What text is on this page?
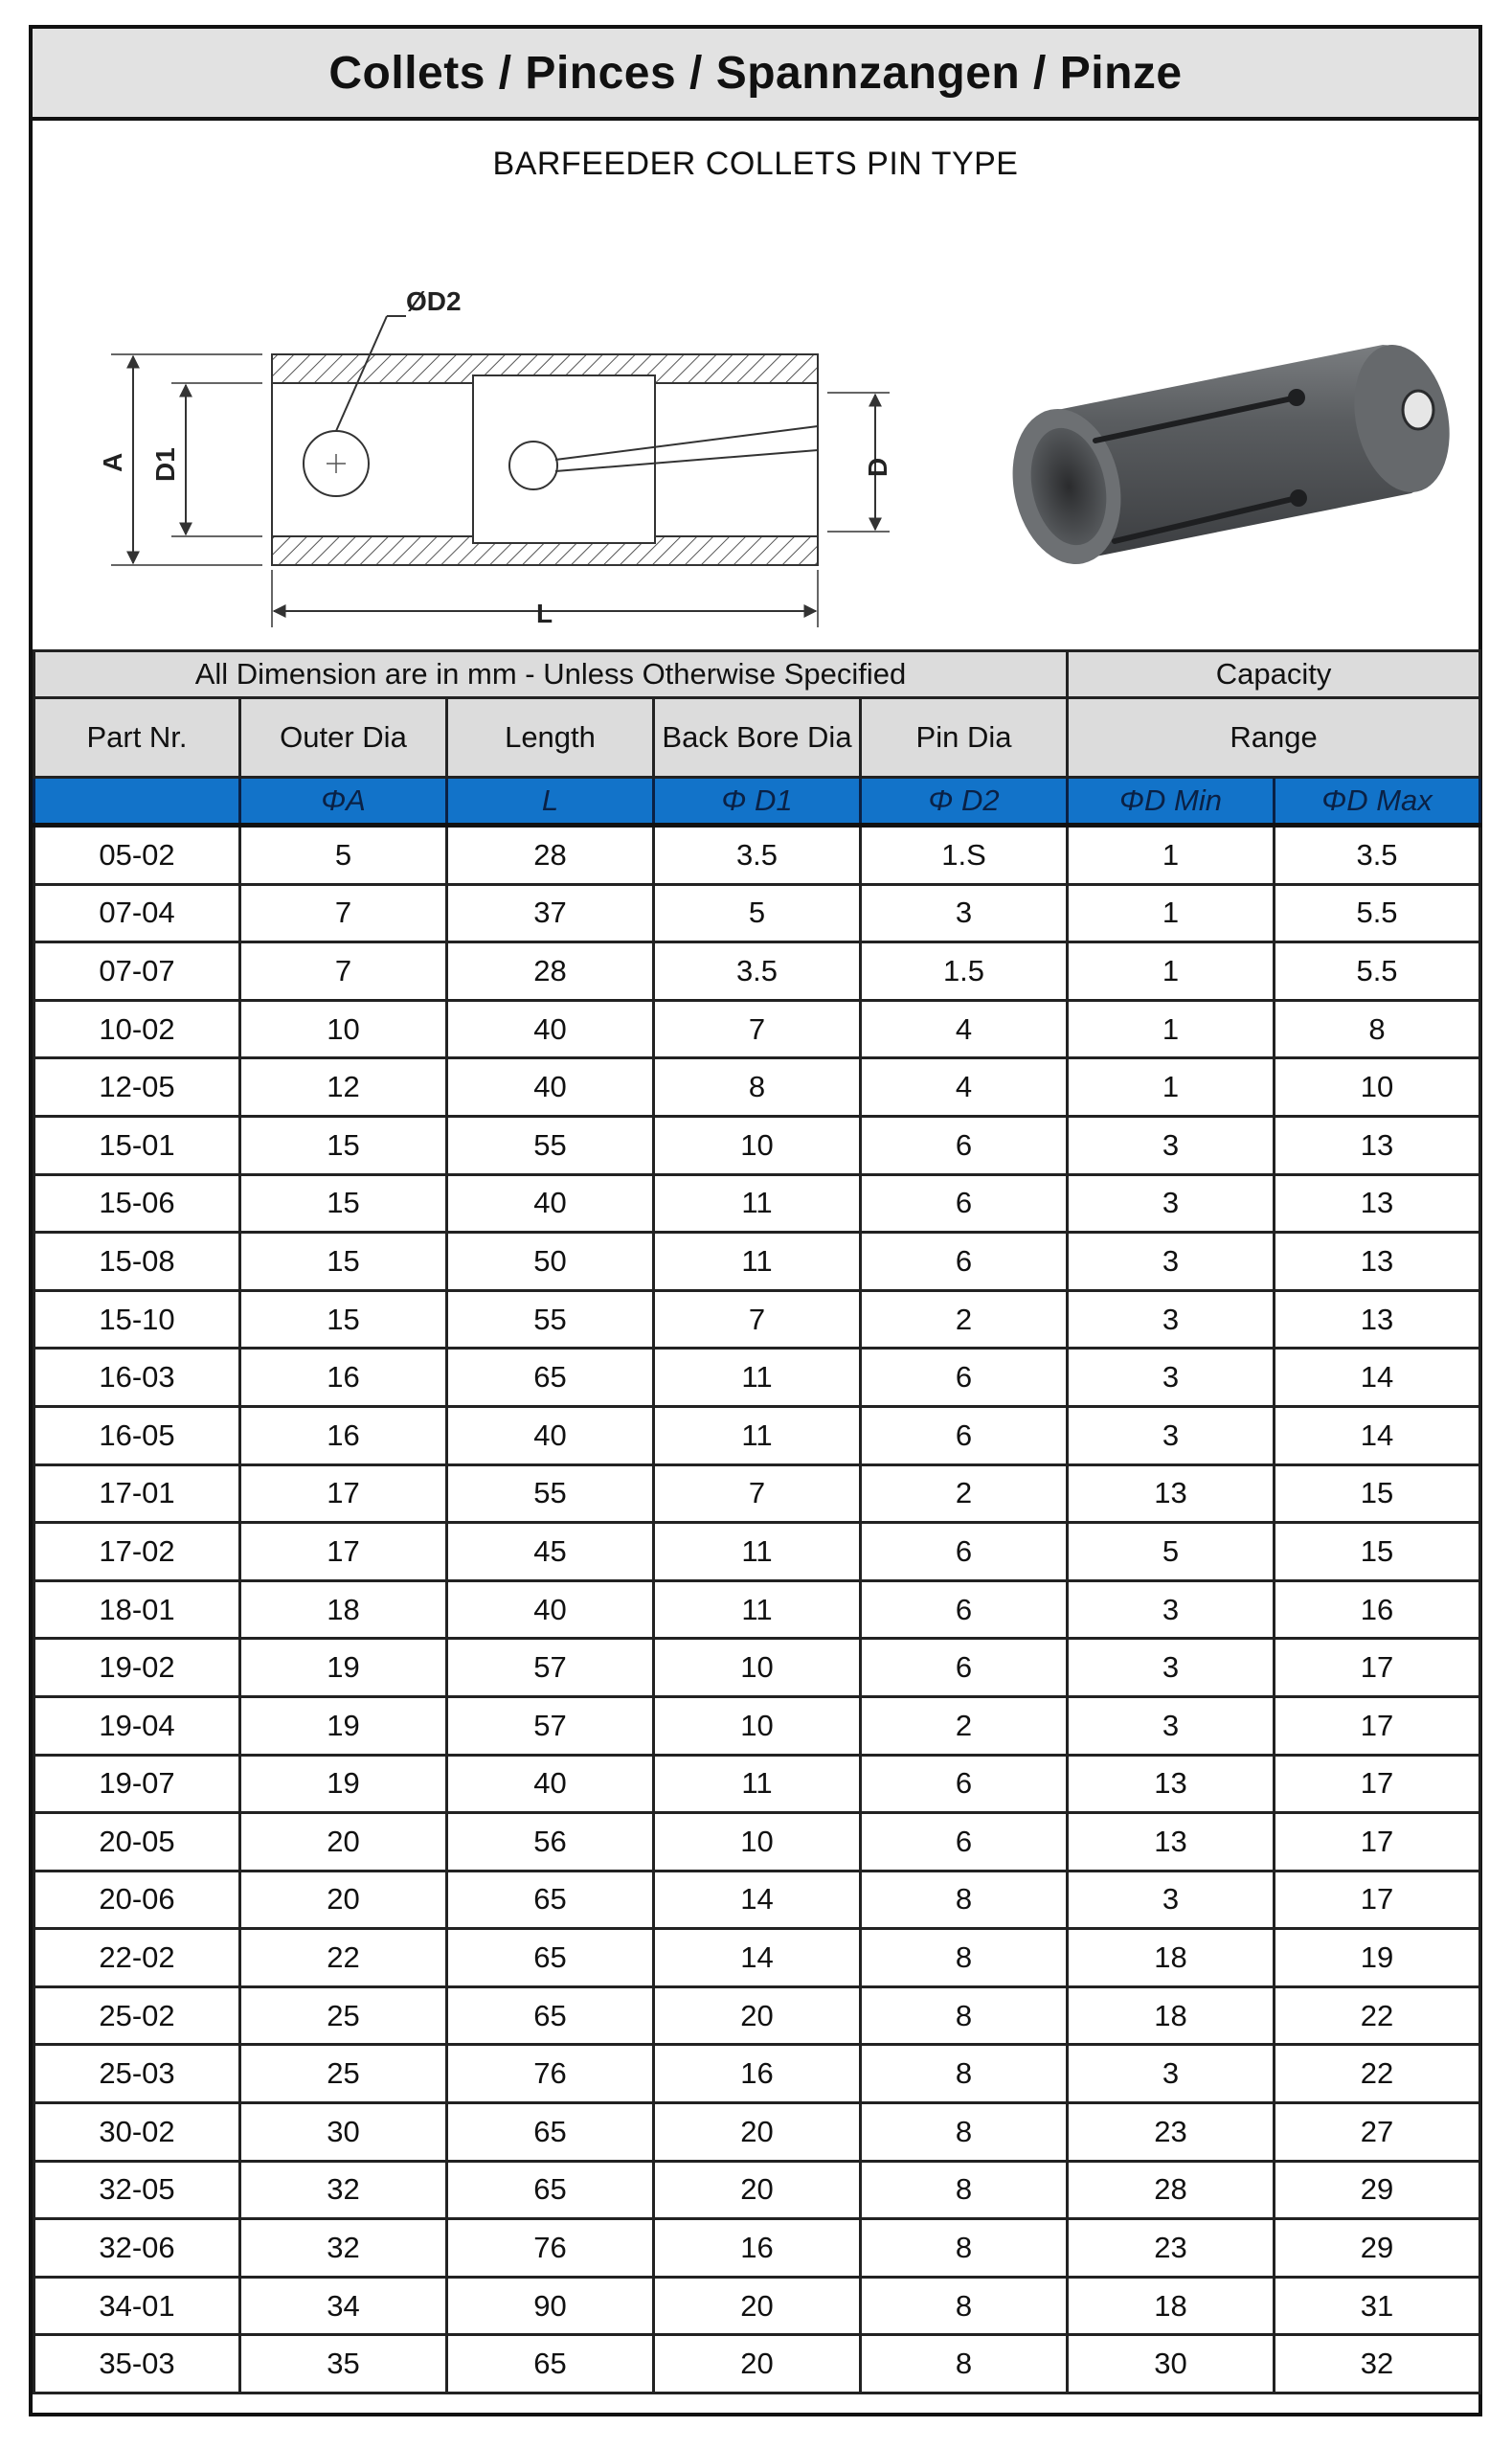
Collets / Pinces / Spannzangen / Pinze
BARFEEDER COLLETS PIN TYPE
ØD2
A D1	D
L
All Dimension are in mm - Unless Otherwise Specified					Capacity	
Part Nr.	Outer Dia	Length	Back Bore Dia	Pin Dia	Range	
	ΦA	L	Φ D1	Φ D2	ΦD Min	ΦD Max
05-02	5	28	3.5	1.S	1	3.5
07-04	7	37	5	3	1	5.5
07-07	7	28	3.5	1.5	1	5.5
10-02	10	40	7	4	1	8
12-05	12	40	8	4	1	10
15-01	15	55	10	6	3	13
15-06	15	40	11	6	3	13
15-08	15	50	11	6	3	13
15-10	15	55	7	2	3	13
16-03	16	65	11	6	3	14
16-05	16	40	11	6	3	14
17-01	17	55	7	2	13	15
17-02	17	45	11	6	5	15
18-01	18	40	11	6	3	16
19-02	19	57	10	6	3	17
19-04	19	57	10	2	3	17
19-07	19	40	11	6	13	17
20-05	20	56	10	6	13	17
20-06	20	65	14	8	3	17
22-02	22	65	14	8	18	19
25-02	25	65	20	8	18	22
25-03	25	76	16	8	3	22
30-02	30	65	20	8	23	27
32-05	32	65	20	8	28	29
32-06	32	76	16	8	23	29
34-01	34	90	20	8	18	31
35-03	35	65	20	8	30	32
